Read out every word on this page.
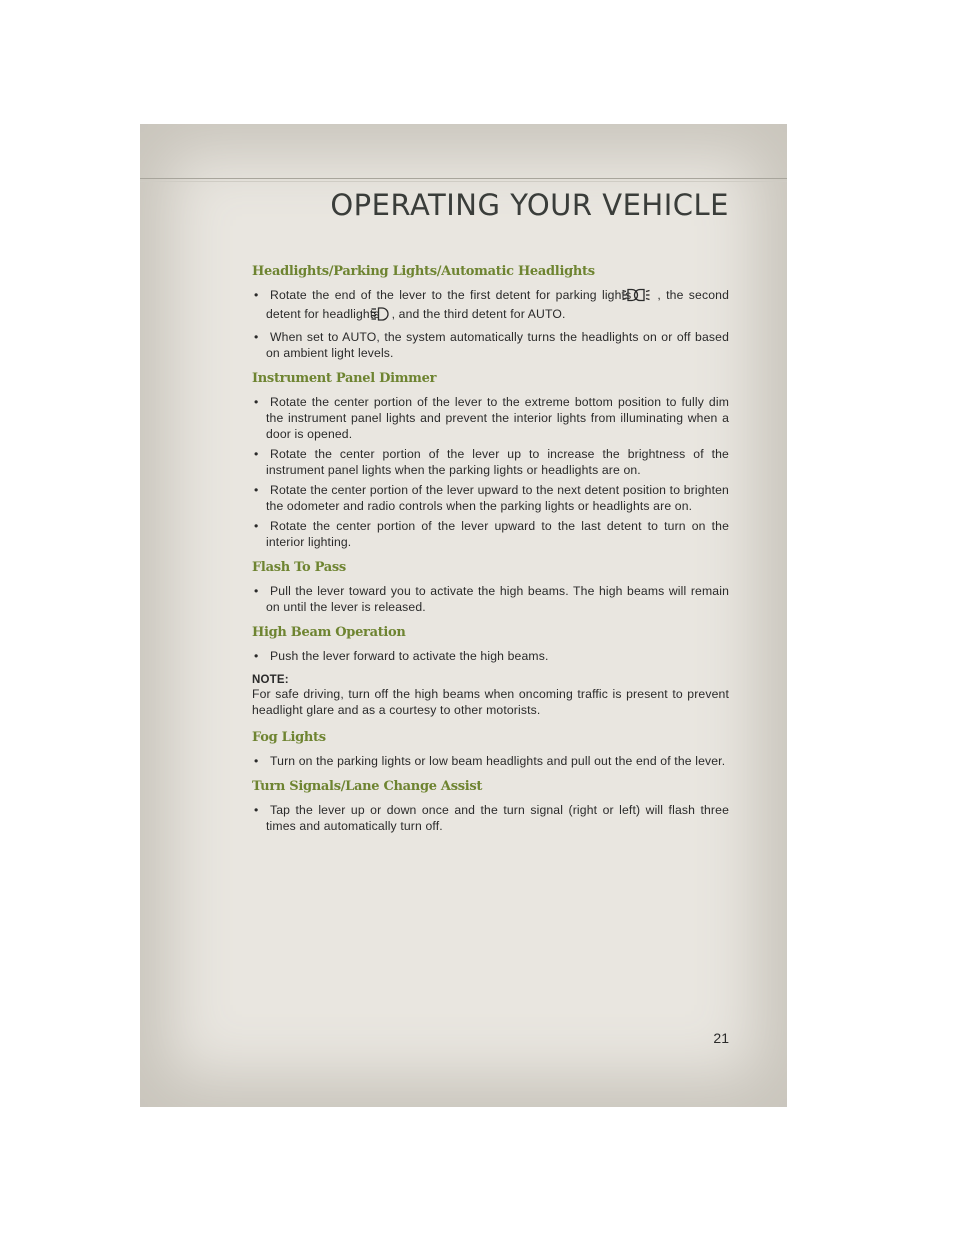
OPERATING YOUR VEHICLE
Headlights/Parking Lights/Automatic Headlights
• Rotate the end of the lever to the first detent for parking lights , the second detent for headlights , and the third detent for AUTO.
• When set to AUTO, the system automatically turns the headlights on or off based on ambient light levels.
Instrument Panel Dimmer
• Rotate the center portion of the lever to the extreme bottom position to fully dim the instrument panel lights and prevent the interior lights from illuminating when a door is opened.
• Rotate the center portion of the lever up to increase the brightness of the instrument panel lights when the parking lights or headlights are on.
• Rotate the center portion of the lever upward to the next detent position to brighten the odometer and radio controls when the parking lights or headlights are on.
• Rotate the center portion of the lever upward to the last detent to turn on the interior lighting.
Flash To Pass
• Pull the lever toward you to activate the high beams. The high beams will remain on until the lever is released.
High Beam Operation
• Push the lever forward to activate the high beams.
NOTE:

For safe driving, turn off the high beams when oncoming traffic is present to prevent headlight glare and as a courtesy to other motorists.

Fog Lights
• Turn on the parking lights or low beam headlights and pull out the end of the lever.
Turn Signals/Lane Change Assist
• Tap the lever up or down once and the turn signal (right or left) will flash three times and automatically turn off.
21
